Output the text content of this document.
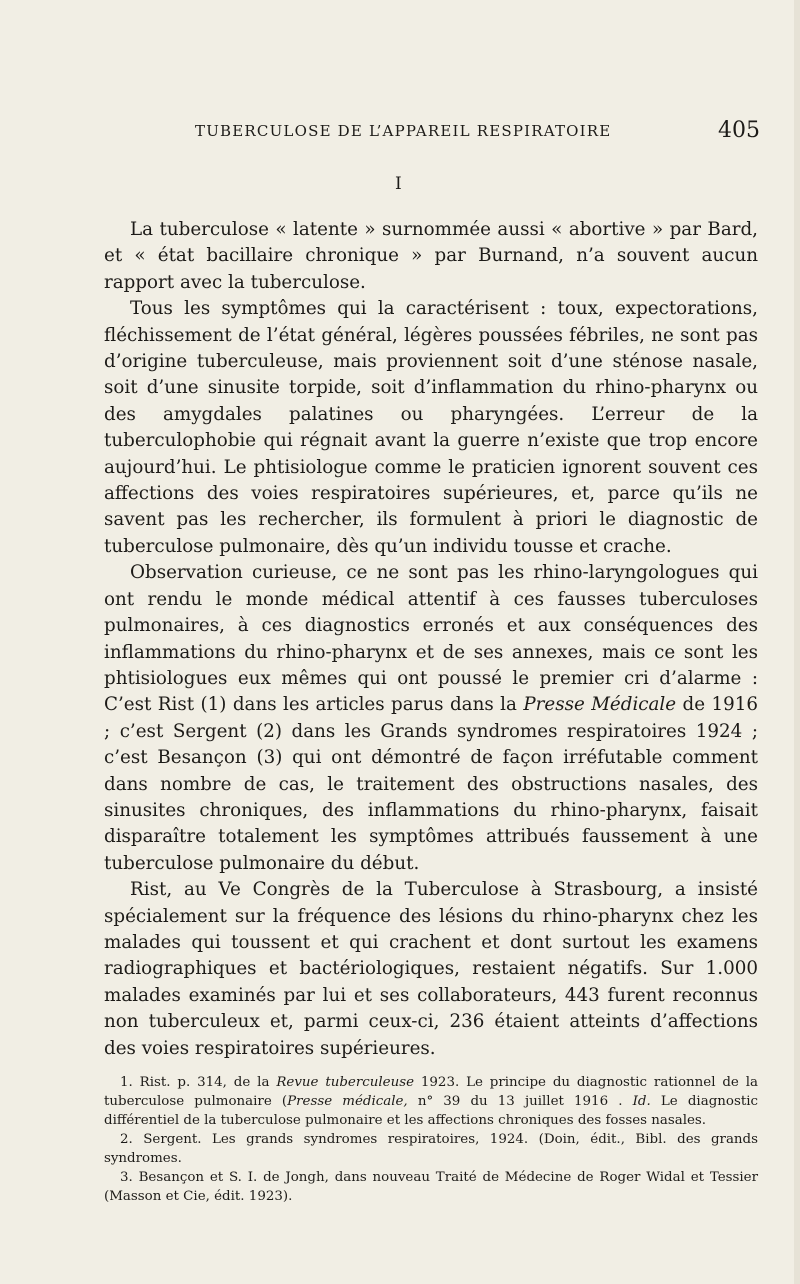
TUBERCULOSE DE L’APPAREIL RESPIRATOIRE	405
I

La tuberculose « latente » surnommée aussi « abortive » par Bard, et « état bacillaire chronique » par Burnand, n’a souvent aucun rapport avec la tuberculose.

Tous les symptômes qui la caractérisent : toux, expectorations, fléchissement de l’état général, légères poussées fébriles, ne sont pas d’origine tuberculeuse, mais proviennent soit d’une sténose nasale, soit d’une sinusite torpide, soit d’inflammation du rhino-pharynx ou des amygdales palatines ou pharyngées. L’erreur de la tuberculophobie qui régnait avant la guerre n’existe que trop encore aujourd’hui. Le phtisiologue comme le praticien ignorent souvent ces affections des voies respiratoires supérieures, et, parce qu’ils ne savent pas les rechercher, ils formulent à priori le diagnostic de tuberculose pulmonaire, dès qu’un individu tousse et crache.

Observation curieuse, ce ne sont pas les rhino-laryngologues qui ont rendu le monde médical attentif à ces fausses tuberculoses pulmonaires, à ces diagnostics erronés et aux conséquences des inflammations du rhino-pharynx et de ses annexes, mais ce sont les phtisiologues eux mêmes qui ont poussé le premier cri d’alarme : C’est Rist (1) dans les articles parus dans la Presse Médicale de 1916 ; c’est Sergent (2) dans les Grands syndromes respiratoires 1924 ; c’est Besançon (3) qui ont démontré de façon irréfutable comment dans nombre de cas, le traitement des obstructions nasales, des sinusites chroniques, des inflammations du rhino-pharynx, faisait disparaître totalement les symptômes attribués faussement à une tuberculose pulmonaire du début.

Rist, au Ve Congrès de la Tuberculose à Strasbourg, a insisté spécialement sur la fréquence des lésions du rhino-pharynx chez les malades qui toussent et qui crachent et dont surtout les examens radiographiques et bactériologiques, restaient négatifs. Sur 1.000 malades examinés par lui et ses collaborateurs, 443 furent reconnus non tuberculeux et, parmi ceux-ci, 236 étaient atteints d’affections des voies respiratoires supérieures.

1. Rist. p. 314, de la Revue tuberculeuse 1923. Le principe du diagnostic rationnel de la tuberculose pulmonaire (Presse médicale, n° 39 du 13 juillet 1916 . Id. Le diagnostic différentiel de la tuberculose pulmonaire et les affections chroniques des fosses nasales.

2. Sergent. Les grands syndromes respiratoires, 1924. (Doin, édit., Bibl. des grands syndromes.

3. Besançon et S. I. de Jongh, dans nouveau Traité de Médecine de Roger Widal et Tessier (Masson et Cie, édit. 1923).
